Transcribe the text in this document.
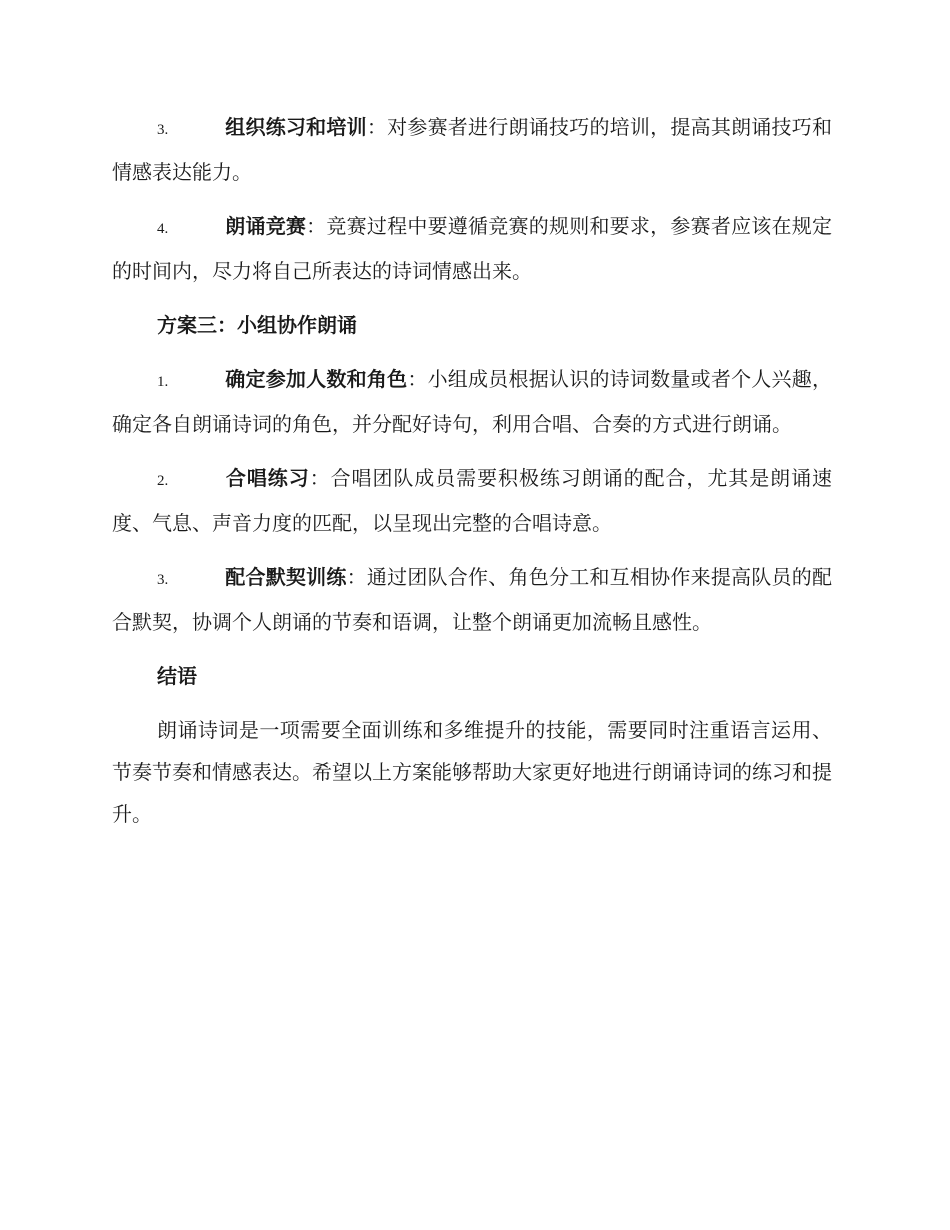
3.	组织练习和培训：对参赛者进行朗诵技巧的培训，提高其朗诵技巧和情感表达能力。

4.	朗诵竞赛：竞赛过程中要遵循竞赛的规则和要求，参赛者应该在规定的时间内，尽力将自己所表达的诗词情感出来。

方案三：小组协作朗诵

1.	确定参加人数和角色：小组成员根据认识的诗词数量或者个人兴趣，确定各自朗诵诗词的角色，并分配好诗句，利用合唱、合奏的方式进行朗诵。

2.	合唱练习：合唱团队成员需要积极练习朗诵的配合，尤其是朗诵速度、气息、声音力度的匹配，以呈现出完整的合唱诗意。

3.	配合默契训练：通过团队合作、角色分工和互相协作来提高队员的配合默契，协调个人朗诵的节奏和语调，让整个朗诵更加流畅且感性。

结语

朗诵诗词是一项需要全面训练和多维提升的技能，需要同时注重语言运用、节奏节奏和情感表达。希望以上方案能够帮助大家更好地进行朗诵诗词的练习和提升。
